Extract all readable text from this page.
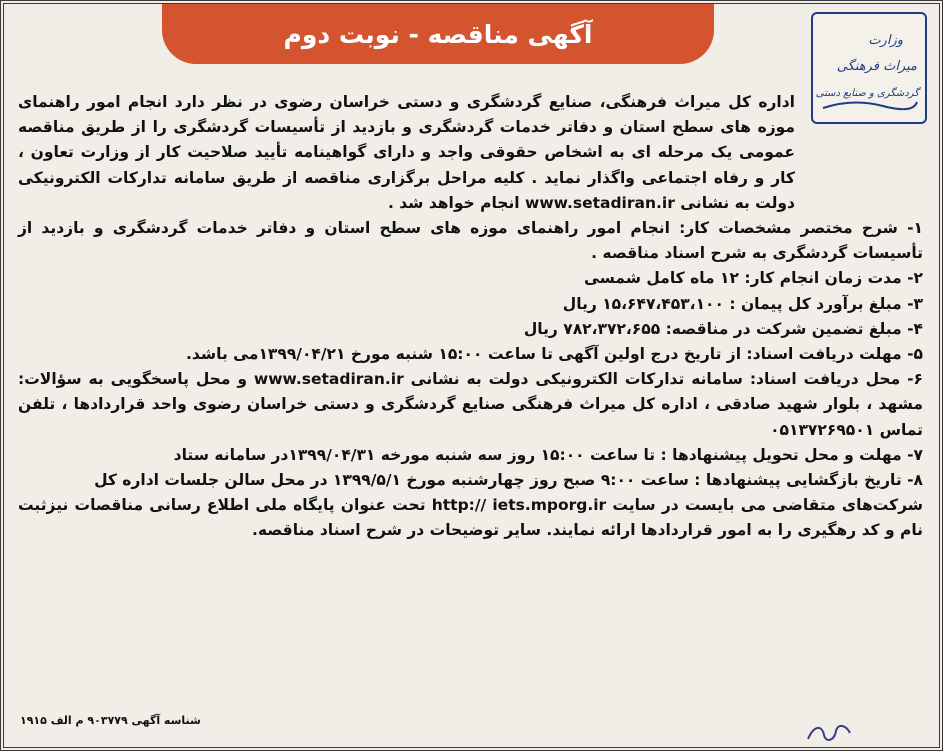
آگهی مناقصه - نوبت دوم	وزارت
میراث فرهنگی
گردشگری و صنایع دستی

اداره کل میراث فرهنگی، صنایع گردشگری و دستی خراسان رضوی در نظر دارد انجام امور راهنمای موزه های سطح استان و دفاتر خدمات گردشگری و بازدید از تأسیسات گردشگری را از طریق مناقصه عمومی یک مرحله ای به اشخاص حقوقی واجد و دارای گواهینامه تأیید صلاحیت کار از وزارت تعاون ، کار و رفاه اجتماعی واگذار نماید . کلیه مراحل برگزاری مناقصه از طریق سامانه تدارکات الکترونیکی دولت به نشانی www.setadiran.ir انجام خواهد شد .

۱- شرح مختصر مشخصات کار: انجام امور راهنمای موزه های سطح استان و دفاتر خدمات گردشگری و بازدید از تأسیسات گردشگری به شرح اسناد مناقصه .

۲- مدت زمان انجام کار: ۱۲ ماه کامل شمسی

۳- مبلغ برآورد کل پیمان : ۱۵،۶۴۷،۴۵۳،۱۰۰ ریال

۴- مبلغ تضمین شرکت در مناقصه: ۷۸۲،۳۷۲،۶۵۵ ریال

۵- مهلت دریافت اسناد: از تاریخ درج اولین آگهی تا ساعت ۱۵:۰۰ شنبه مورخ ۱۳۹۹/۰۴/۲۱می باشد.

۶- محل دریافت اسناد: سامانه تدارکات الکترونیکی دولت به نشانی www.setadiran.ir و محل پاسخگویی به سؤالات: مشهد ، بلوار شهید صادقی ، اداره کل میراث فرهنگی صنایع گردشگری و دستی خراسان رضوی واحد قراردادها ، تلفن تماس ۰۵۱۳۷۲۶۹۵۰۱

۷- مهلت و محل تحویل پیشنهادها : تا ساعت ۱۵:۰۰ روز سه شنبه مورخه ۱۳۹۹/۰۴/۳۱در سامانه ستاد

۸- تاریخ بازگشایی پیشنهادها : ساعت ۹:۰۰ صبح روز چهارشنبه مورخ ۱۳۹۹/۵/۱ در محل سالن جلسات اداره کل

شرکت‌های متقاضی می بایست در سایت http:// iets.mporg.ir تحت عنوان پایگاه ملی اطلاع رسانی مناقصات نیزثبت نام و کد رهگیری را به امور قراردادها ارائه نمایند. سایر توضیحات در شرح اسناد مناقصه.

شناسه آگهی ۹۰۳۷۷۹ م الف ۱۹۱۵
